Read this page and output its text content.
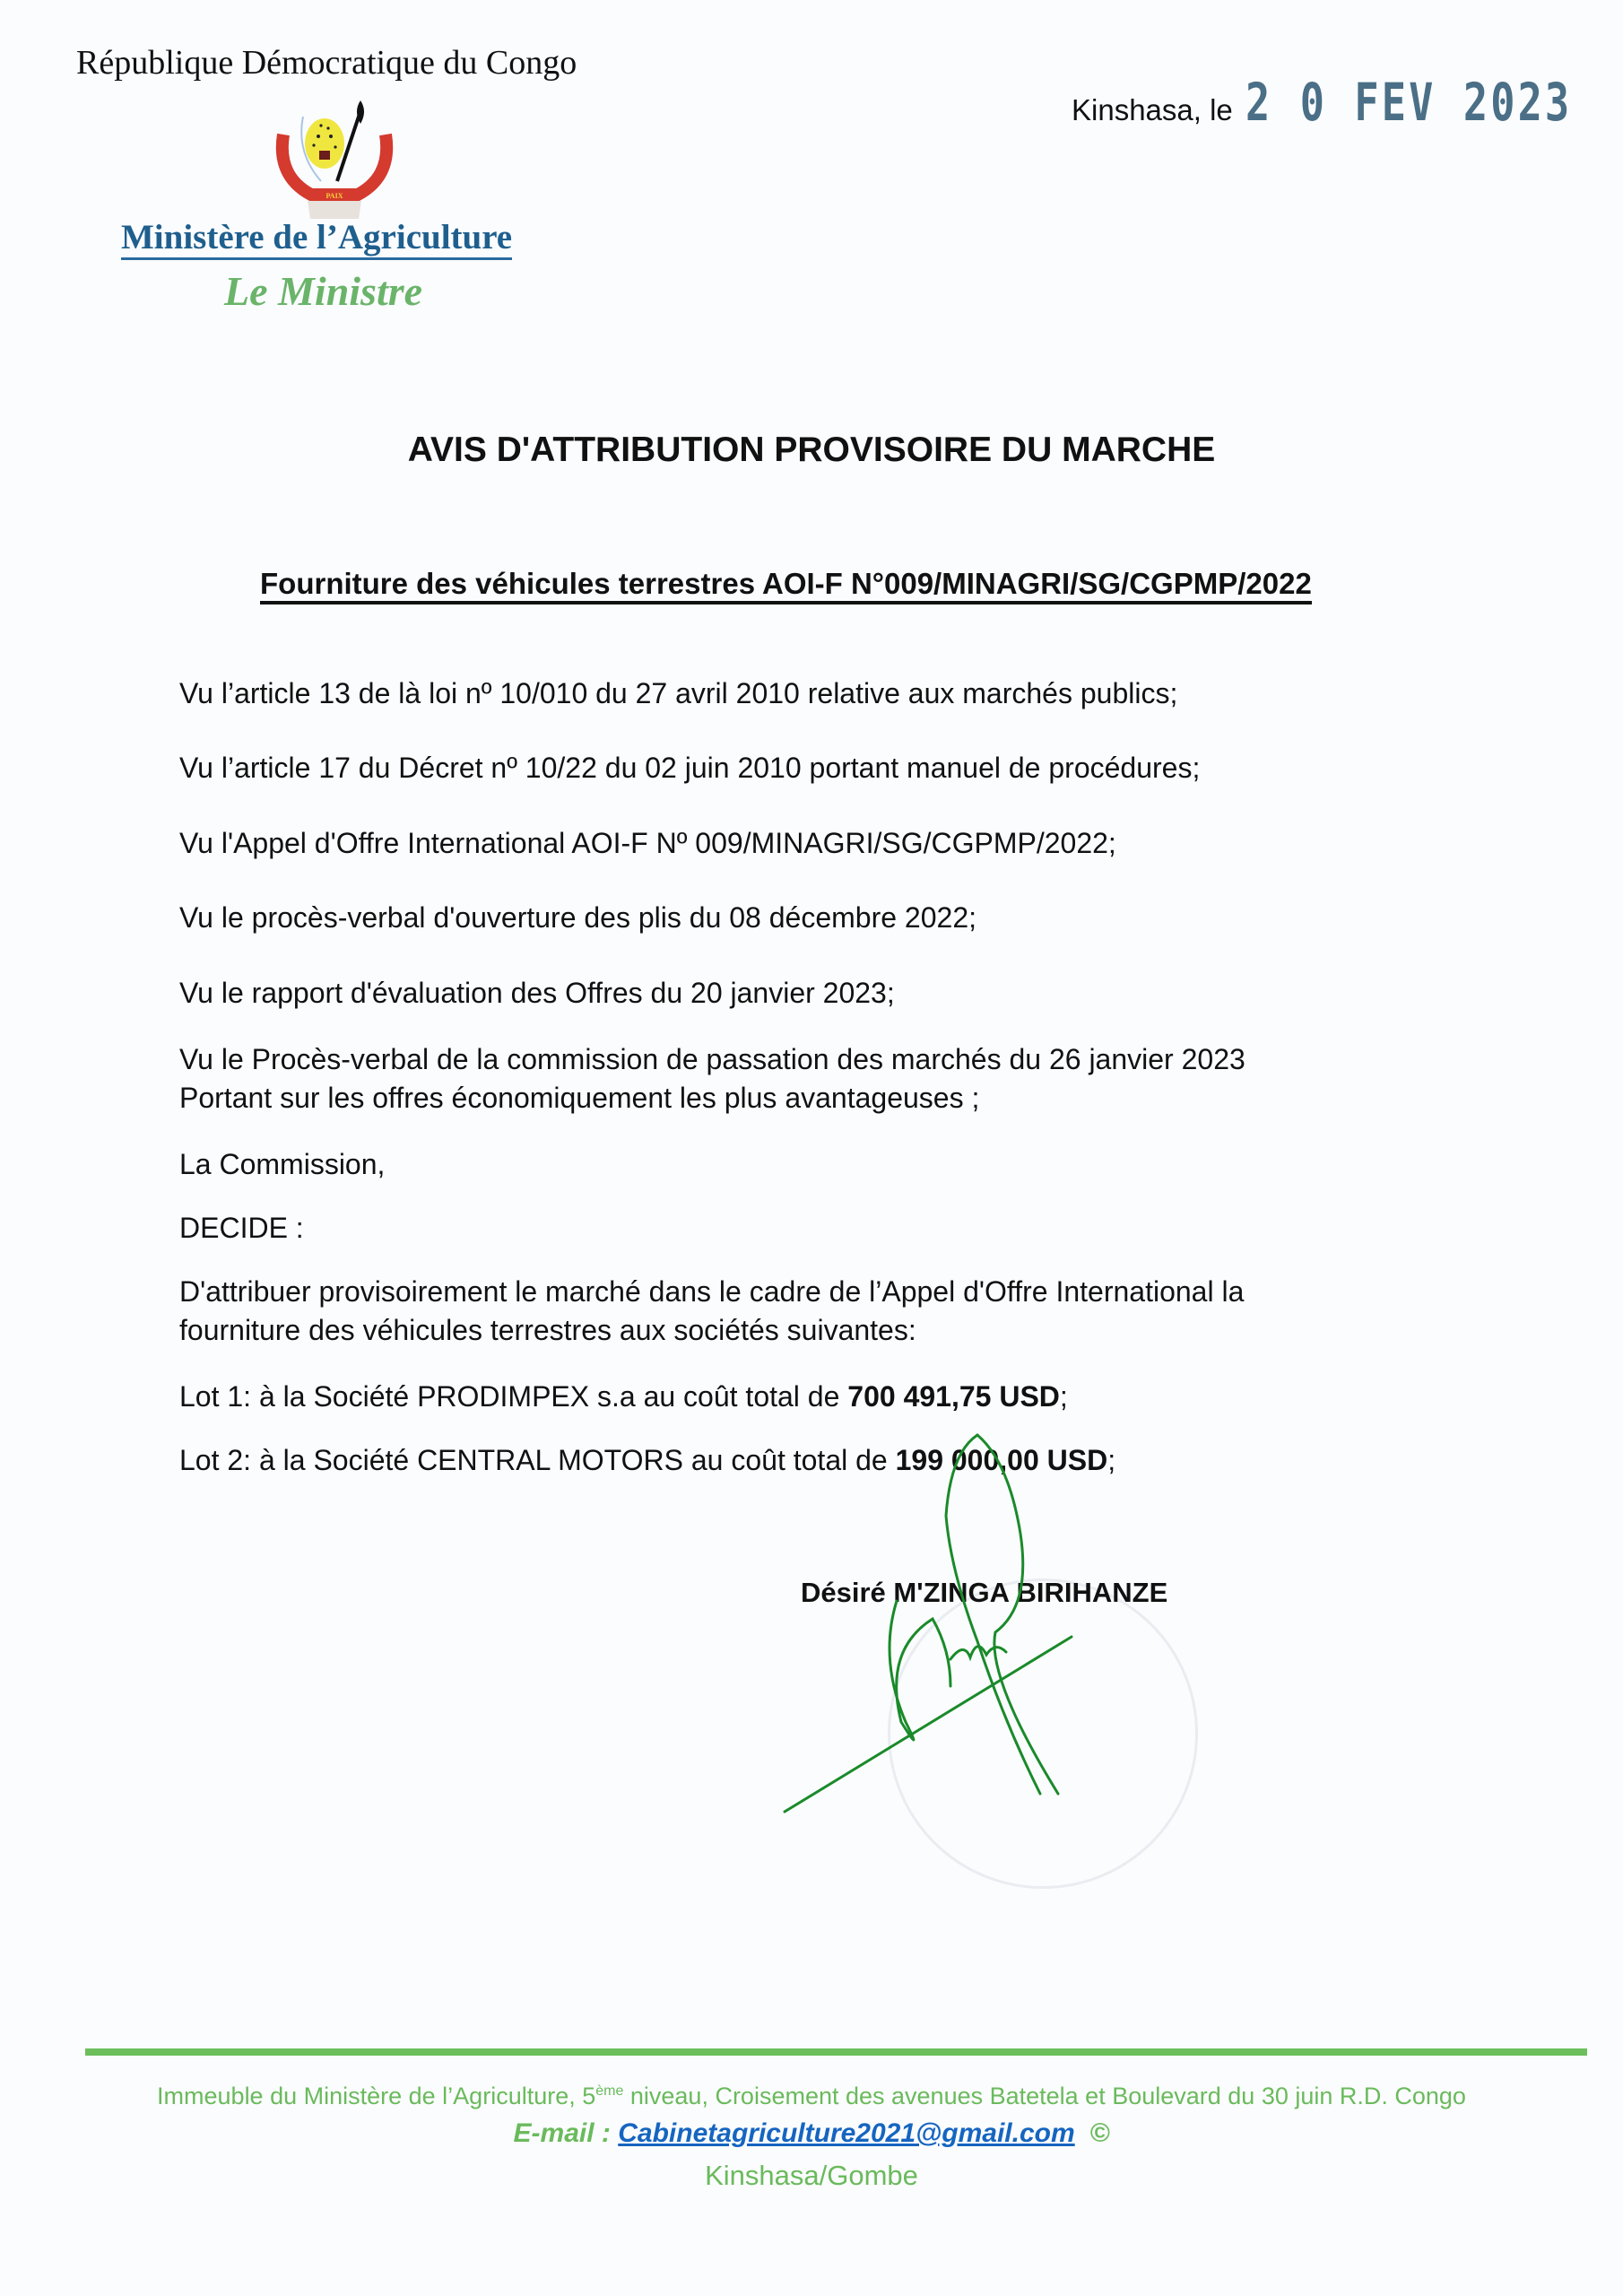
République Démocratique du Congo
PAIX
Ministère de l’Agriculture
Le Ministre
Kinshasa, le 2 0 FEV 2023
AVIS D'ATTRIBUTION PROVISOIRE DU MARCHE
Fourniture des véhicules terrestres AOI-F N°009/MINAGRI/SG/CGPMP/2022
Vu l’article 13 de là loi nº 10/010 du 27 avril 2010 relative aux marchés publics;
Vu l’article 17 du Décret nº 10/22 du 02 juin 2010 portant manuel de procédures;
Vu l'Appel d'Offre International AOI-F Nº 009/MINAGRI/SG/CGPMP/2022;
Vu le procès-verbal d'ouverture des plis du 08 décembre 2022;
Vu le rapport d'évaluation des Offres du 20 janvier 2023;
Vu le Procès-verbal de la commission de passation des marchés du 26 janvier 2023
Portant sur les offres économiquement les plus avantageuses ;
La Commission,
DECIDE :
D'attribuer provisoirement le marché dans le cadre de l’Appel d'Offre International la
fourniture des véhicules terrestres aux sociétés suivantes:
Lot 1: à la Société PRODIMPEX s.a au coût total de 700 491,75 USD;
Lot 2: à la Société CENTRAL MOTORS au coût total de 199 000,00 USD;
Désiré M'ZINGA BIRIHANZE
Immeuble du Ministère de l’Agriculture, 5ème niveau, Croisement des avenues Batetela et Boulevard du 30 juin R.D. Congo
E-mail : Cabinetagriculture2021@gmail.com ©
Kinshasa/Gombe
